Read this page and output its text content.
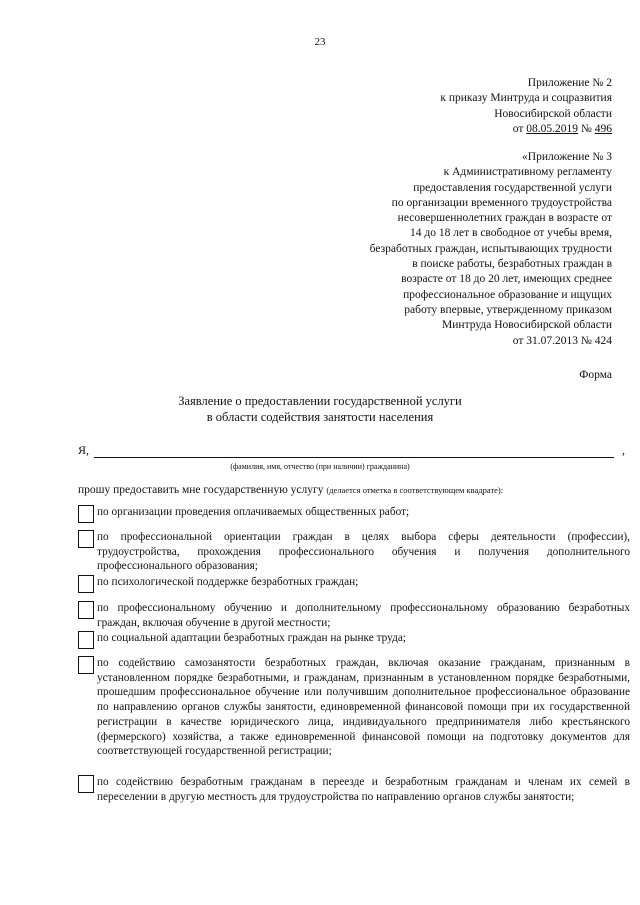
23
Приложение № 2
к приказу Минтруда и соцразвития
Новосибирской области
от 08.05.2019 № 496
«Приложение № 3
к Административному регламенту
предоставления государственной услуги
по организации временного трудоустройства
несовершеннолетних граждан в возрасте от
14 до 18 лет в свободное от учебы время,
безработных граждан, испытывающих трудности
в поиске работы, безработных граждан в
возрасте от 18 до 20 лет, имеющих среднее
профессиональное образование и ищущих
работу впервые, утвержденному приказом
Минтруда Новосибирской области
от 31.07.2013 № 424
Форма
Заявление о предоставлении государственной услуги
в области содействия занятости населения
Я,	,
(фамилия, имя, отчество (при наличии) гражданина)
прошу предоставить мне государственную услугу (делается отметка в соответствующем квадрате):
по организации проведения оплачиваемых общественных работ;
по профессиональной ориентации граждан в целях выбора сферы деятельности (профессии), трудоустройства, прохождения профессионального обучения и получения дополнительного профессионального образования;
по психологической поддержке безработных граждан;
по профессиональному обучению и дополнительному профессиональному образованию безработных граждан, включая обучение в другой местности;
по социальной адаптации безработных граждан на рынке труда;
по содействию самозанятости безработных граждан, включая оказание гражданам, признанным в установленном порядке безработными, и гражданам, признанным в установленном порядке безработными, прошедшим профессиональное обучение или получившим дополнительное профессиональное образование по направлению органов службы занятости, единовременной финансовой помощи при их государственной регистрации в качестве юридического лица, индивидуального предпринимателя либо крестьянского (фермерского) хозяйства, а также единовременной финансовой помощи на подготовку документов для соответствующей государственной регистрации;
по содействию безработным гражданам в переезде и безработным гражданам и членам их семей в переселении в другую местность для трудоустройства по направлению органов службы занятости;
